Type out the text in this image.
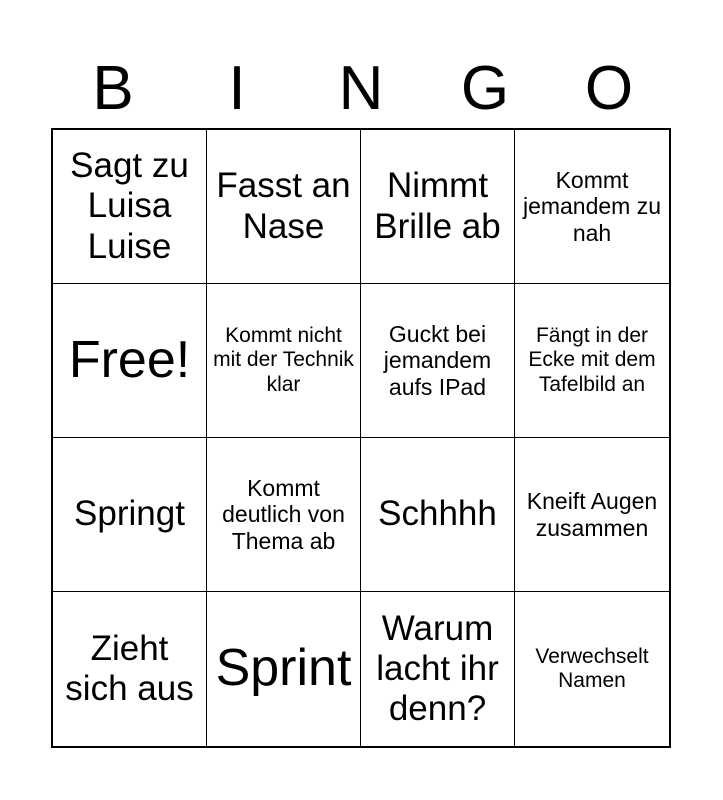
B	I	N	G	O
Sagt zu Luisa Luise
Fasst an Nase
Nimmt Brille ab
Kommt jemandem zu nah
Free!	Kommt nicht mit der Technik klar
Guckt bei jemandem aufs IPad
Fängt in der Ecke mit dem Tafelbild an
Springt
Kommt deutlich von Thema ab
Schhhh	Kneift Augen zusammen
Zieht sich aus Sprint
Warum lacht ihr denn?
Verwechselt Namen
